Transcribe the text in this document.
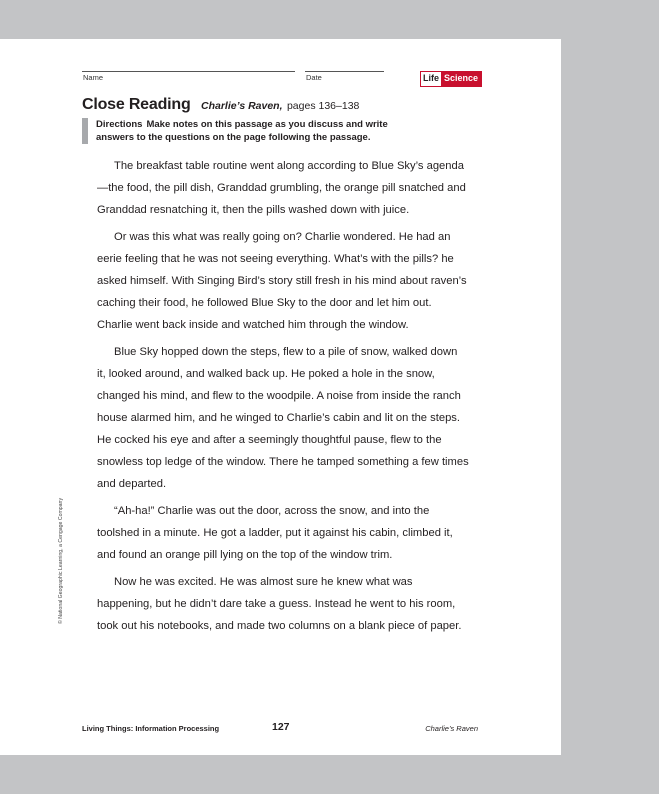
Name	Date	Life Science
Close Reading Charlie’s Raven, pages 136–138
Directions Make notes on this passage as you discuss and write answers to the questions on the page following the passage.

The breakfast table routine went along according to Blue Sky’s agenda—the food, the pill dish, Granddad grumbling, the orange pill snatched and Granddad resnatching it, then the pills washed down with juice.

Or was this what was really going on? Charlie wondered. He had an eerie feeling that he was not seeing everything. What’s with the pills? he asked himself. With Singing Bird’s story still fresh in his mind about raven’s caching their food, he followed Blue Sky to the door and let him out. Charlie went back inside and watched him through the window.

Blue Sky hopped down the steps, flew to a pile of snow, walked down it, looked around, and walked back up. He poked a hole in the snow, changed his mind, and flew to the woodpile. A noise from inside the ranch house alarmed him, and he winged to Charlie’s cabin and lit on the steps. He cocked his eye and after a seemingly thoughtful pause, flew to the snowless top ledge of the window. There he tamped something a few times and departed.

“Ah-ha!” Charlie was out the door, across the snow, and into the toolshed in a minute. He got a ladder, put it against his cabin, climbed it, and found an orange pill lying on the top of the window trim.

Now he was excited. He was almost sure he knew what was happening, but he didn’t dare take a guess. Instead he went to his room, took out his notebooks, and made two columns on a blank piece of paper.

© National Geographic Learning, a Cengage Company
Living Things: Information Processing	127	Charlie’s Raven
